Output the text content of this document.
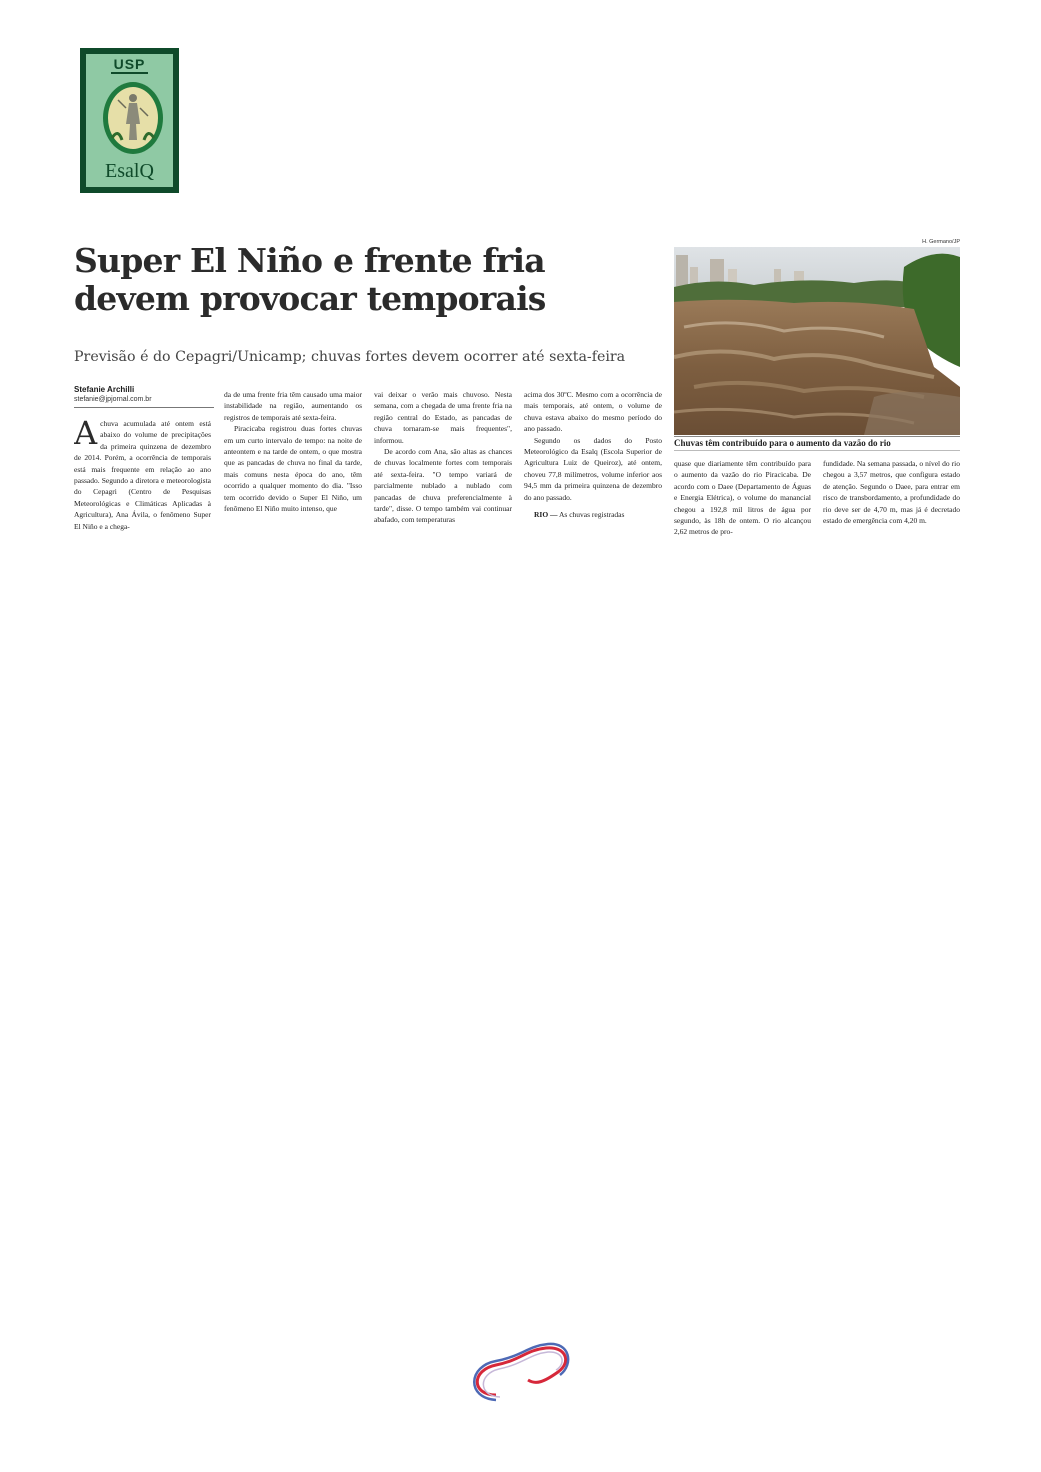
USP
EsalQ
Super El Niño e frente fria devem provocar temporais

Previsão é do Cepagri/Unicamp; chuvas fortes devem ocorrer até sexta-feira

Stefanie Archilli
stefanie@jpjornal.com.br
A chuva acumulada até ontem está abaixo do volume de precipitações da primeira quinzena de dezembro de 2014. Porém, a ocorrência de temporais está mais frequente em relação ao ano passado. Segundo a diretora e meteorologista do Cepagri (Centro de Pesquisas Meteorológicas e Climáticas Aplicadas à Agricultura), Ana Ávila, o fenômeno Super El Niño e a chega-

da de uma frente fria têm causado uma maior instabilidade na região, aumentando os registros de temporais até sexta-feira.

Piracicaba registrou duas fortes chuvas em um curto intervalo de tempo: na noite de anteontem e na tarde de ontem, o que mostra que as pancadas de chuva no final da tarde, mais comuns nesta época do ano, têm ocorrido a qualquer momento do dia. "Isso tem ocorrido devido o Super El Niño, um fenômeno El Niño muito intenso, que

vai deixar o verão mais chuvoso. Nesta semana, com a chegada de uma frente fria na região central do Estado, as pancadas de chuva tornaram-se mais frequentes", informou.

De acordo com Ana, são altas as chances de chuvas localmente fortes com temporais até sexta-feira. "O tempo variará de parcialmente nublado a nublado com pancadas de chuva preferencialmente à tarde", disse. O tempo também vai continuar abafado, com temperaturas

acima dos 30ºC. Mesmo com a ocorrência de mais temporais, até ontem, o volume de chuva estava abaixo do mesmo período do ano passado.

Segundo os dados do Posto Meteorológico da Esalq (Escola Superior de Agricultura Luiz de Queiroz), até ontem, choveu 77,8 milímetros, volume inferior aos 94,5 mm da primeira quinzena de dezembro do ano passado.

RIO — As chuvas registradas

quase que diariamente têm contribuído para o aumento da vazão do rio Piracicaba. De acordo com o Daee (Departamento de Águas e Energia Elétrica), o volume do manancial chegou a 192,8 mil litros de água por segundo, às 18h de ontem. O rio alcançou 2,62 metros de pro-

fundidade. Na semana passada, o nível do rio chegou a 3,57 metros, que configura estado de atenção. Segundo o Daee, para entrar em risco de transbordamento, a profundidade do rio deve ser de 4,70 m, mas já é decretado estado de emergência com 4,20 m.

H. Germano/JP
Chuvas têm contribuído para o aumento da vazão do rio
